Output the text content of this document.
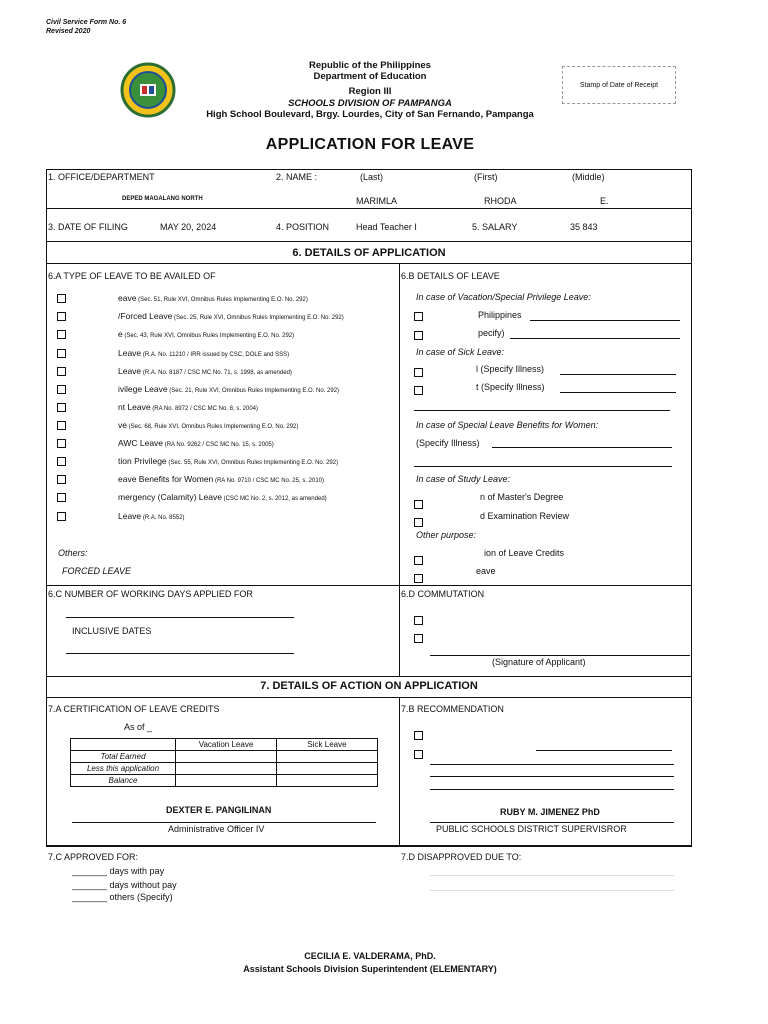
Civil Service Form No. 6
Revised 2020
Republic of the Philippines
Department of Education
Region III
SCHOOLS DIVISION OF PAMPANGA
High School Boulevard, Brgy. Lourdes, City of San Fernando, Pampanga
Stamp of Date of Receipt
APPLICATION FOR LEAVE
1. OFFICE/DEPARTMENT
DEPED MAGALANG NORTH
2. NAME :	(Last)	(First)	(Middle)
MARIMLA	RHODA	E.
3. DATE OF FILING	MAY 20, 2024	4. POSITION	Head Teacher I	5. SALARY	35 843
6. DETAILS OF APPLICATION
6.A TYPE OF LEAVE TO BE AVAILED OF
eave (Sec. 51, Rule XVI, Omnibus Rules Implementing E.O. No. 292)
/Forced Leave (Sec. 25, Rule XVI, Omnibus Rules Implementing E.O. No. 292)
e (Sec. 43, Rule XVI, Omnibus Rules Implementing E.O. No. 292)
Leave (R.A. No. 11210 / IRR issued by CSC, DOLE and SSS)
Leave (R.A. No. 8187 / CSC MC No. 71, s. 1998, as amended)
ivilege Leave (Sec. 21, Rule XVI, Omnibus Rules Implementing E.O. No. 292)
nt Leave (RA No. 8972 / CSC MC No. 8, s. 2004)
ve (Sec. 68, Rule XVI, Omnibus Rules Implementing E.O. No. 292)
AWC Leave (RA No. 9262 / CSC MC No. 15, s. 2005)
tion Privilege (Sec. 55, Rule XVI, Omnibus Rules Implementing E.O. No. 292)
eave Benefits for Women (RA No. 9710 / CSC MC No. 25, s. 2010)
mergency (Calamity) Leave (CSC MC No. 2, s. 2012, as amended)
Leave (R.A. No. 8552)
Others:
FORCED LEAVE
6.B DETAILS OF LEAVE
In case of Vacation/Special Privilege Leave:
Philippines
pecify)
In case of Sick Leave:
l (Specify Illness)
t (Specify Illness)
In case of Special Leave Benefits for Women:
(Specify Illness)
In case of Study Leave:
n of Master's Degree
d Examination Review
Other purpose:
ion of Leave Credits
eave
6.C NUMBER OF WORKING DAYS APPLIED FOR
INCLUSIVE DATES
6.D COMMUTATION
(Signature of Applicant)
7. DETAILS OF ACTION ON APPLICATION
7.A CERTIFICATION OF LEAVE CREDITS
As of _
	Vacation Leave	Sick Leave
Total Earned		
Less this application		
Balance		
DEXTER E. PANGILINAN
Administrative Officer IV
7.B RECOMMENDATION
RUBY M. JIMENEZ PhD
PUBLIC SCHOOLS DISTRICT SUPERVISROR
7.C APPROVED FOR:
_______ days with pay
_______ days without pay
_______ others (Specify)
7.D DISAPPROVED DUE TO:
CECILIA E. VALDERAMA, PhD.
Assistant Schools Division Superintendent (ELEMENTARY)
